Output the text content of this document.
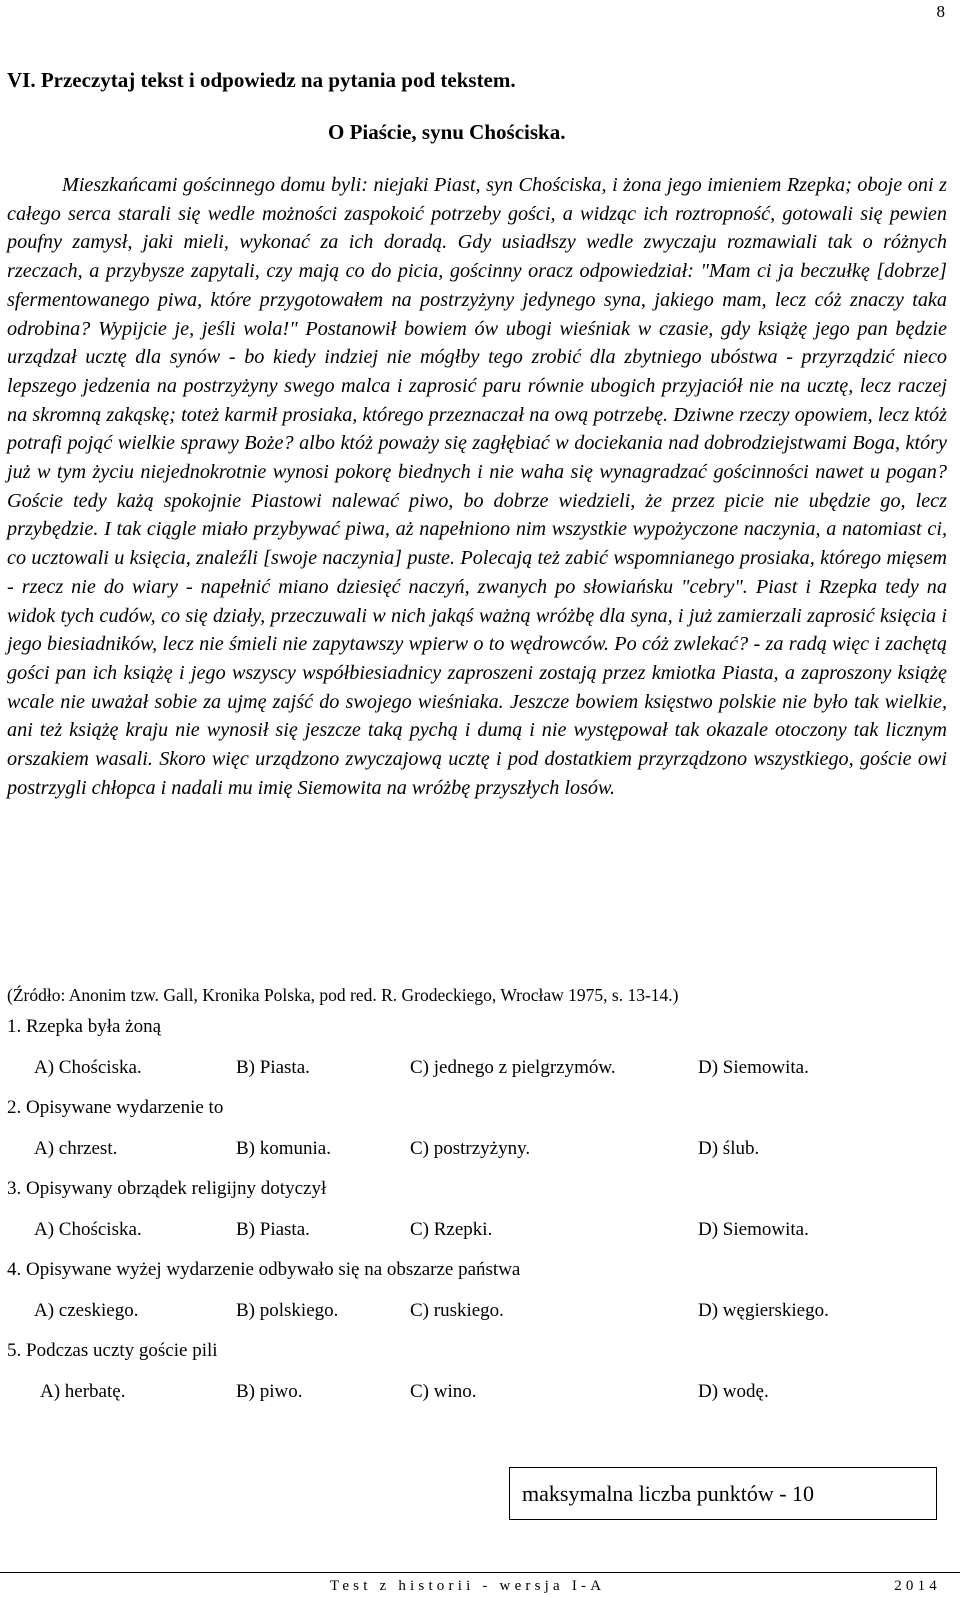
8
VI. Przeczytaj tekst i odpowiedz na pytania pod tekstem.
O Piaście, synu Chościska.

Mieszkańcami gościnnego domu byli: niejaki Piast, syn Chościska, i żona jego imieniem Rzepka; oboje oni z całego serca starali się wedle możności zaspokoić potrzeby gości, a widząc ich roztropność, gotowali się pewien poufny zamysł, jaki mieli, wykonać za ich doradą. Gdy usiadłszy wedle zwyczaju rozmawiali tak o różnych rzeczach, a przybysze zapytali, czy mają co do picia, gościnny oracz odpowiedział: "Mam ci ja beczułkę [dobrze] sfermentowanego piwa, które przygotowałem na postrzyżyny jedynego syna, jakiego mam, lecz cóż znaczy taka odrobina? Wypijcie je, jeśli wola!" Postanowił bowiem ów ubogi wieśniak w czasie, gdy książę jego pan będzie urządzał ucztę dla synów - bo kiedy indziej nie mógłby tego zrobić dla zbytniego ubóstwa - przyrządzić nieco lepszego jedzenia na postrzyżyny swego malca i zaprosić paru równie ubogich przyjaciół nie na ucztę, lecz raczej na skromną zakąskę; toteż karmił prosiaka, którego przeznaczał na ową potrzebę. Dziwne rzeczy opowiem, lecz któż potrafi pojąć wielkie sprawy Boże? albo któż poważy się zagłębiać w dociekania nad dobrodziejstwami Boga, który już w tym życiu niejednokrotnie wynosi pokorę biednych i nie waha się wynagradzać gościnności nawet u pogan? Goście tedy każą spokojnie Piastowi nalewać piwo, bo dobrze wiedzieli, że przez picie nie ubędzie go, lecz przybędzie. I tak ciągle miało przybywać piwa, aż napełniono nim wszystkie wypożyczone naczynia, a natomiast ci, co ucztowali u księcia, znaleźli [swoje naczynia] puste. Polecają też zabić wspomnianego prosiaka, którego mięsem - rzecz nie do wiary - napełnić miano dziesięć naczyń, zwanych po słowiańsku "cebry". Piast i Rzepka tedy na widok tych cudów, co się działy, przeczuwali w nich jakąś ważną wróżbę dla syna, i już zamierzali zaprosić księcia i jego biesiadników, lecz nie śmieli nie zapytawszy wpierw o to wędrowców. Po cóż zwlekać? - za radą więc i zachętą gości pan ich książę i jego wszyscy współbiesiadnicy zaproszeni zostają przez kmiotka Piasta, a zaproszony książę wcale nie uważał sobie za ujmę zajść do swojego wieśniaka. Jeszcze bowiem księstwo polskie nie było tak wielkie, ani też książę kraju nie wynosił się jeszcze taką pychą i dumą i nie występował tak okazale otoczony tak licznym orszakiem wasali. Skoro więc urządzono zwyczajową ucztę i pod dostatkiem przyrządzono wszystkiego, goście owi postrzygli chłopca i nadali mu imię Siemowita na wróżbę przyszłych losów.

(Źródło: Anonim tzw. Gall, Kronika Polska, pod red. R. Grodeckiego, Wrocław 1975, s. 13-14.)
1. Rzepka była żoną
A) Chościska.	B) Piasta.	C) jednego z pielgrzymów.	D) Siemowita.
2. Opisywane wydarzenie to
A) chrzest.	B) komunia.	C) postrzyżyny.	D) ślub.
3. Opisywany obrządek religijny dotyczył
A) Chościska.	B) Piasta.	C) Rzepki.	D) Siemowita.
4. Opisywane wyżej wydarzenie odbywało się na obszarze państwa
A) czeskiego.	B) polskiego.	C) ruskiego.	D) węgierskiego.
5. Podczas uczty goście pili
A) herbatę.	B) piwo.	C) wino.	D) wodę.
maksymalna liczba punktów - 10
Test z historii - wersja I-A	2014
